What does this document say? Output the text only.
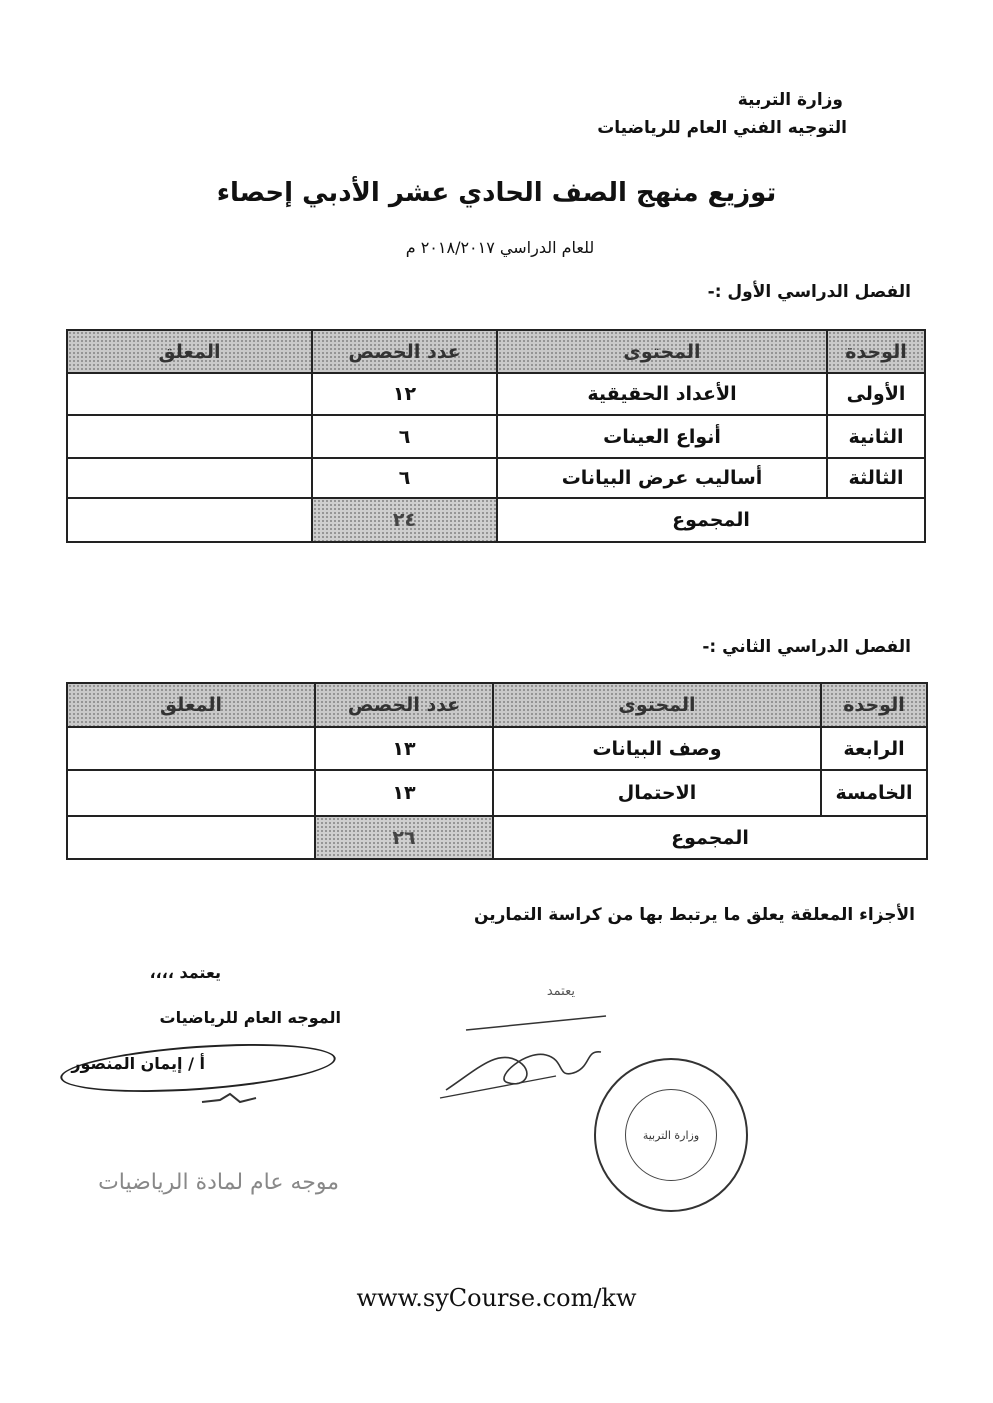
وزارة التربية
التوجيه الفني العام للرياضيات
توزيع منهج الصف الحادي عشر الأدبي إحصاء
للعام الدراسي ٢٠١٨/٢٠١٧ م
الفصل الدراسي الأول :-
الوحدة	المحتوى	عدد الحصص	المعلق
الأولى	الأعداد الحقيقية	١٢	
الثانية	أنواع العينات	٦	
الثالثة	أساليب عرض البيانات	٦	
المجموع		٢٤	
الفصل الدراسي الثاني :-
الوحدة	المحتوى	عدد الحصص	المعلق
الرابعة	وصف البيانات	١٣	
الخامسة	الاحتمال	١٣	
المجموع		٢٦	
الأجزاء المعلقة يعلق ما يرتبط بها من كراسة التمارين
يعتمد ،،،،
الموجه العام للرياضيات
أ / إيمان المنصور
موجه عام لمادة الرياضيات
يعتمد
وزارة التربية
www.syCourse.com/kw
